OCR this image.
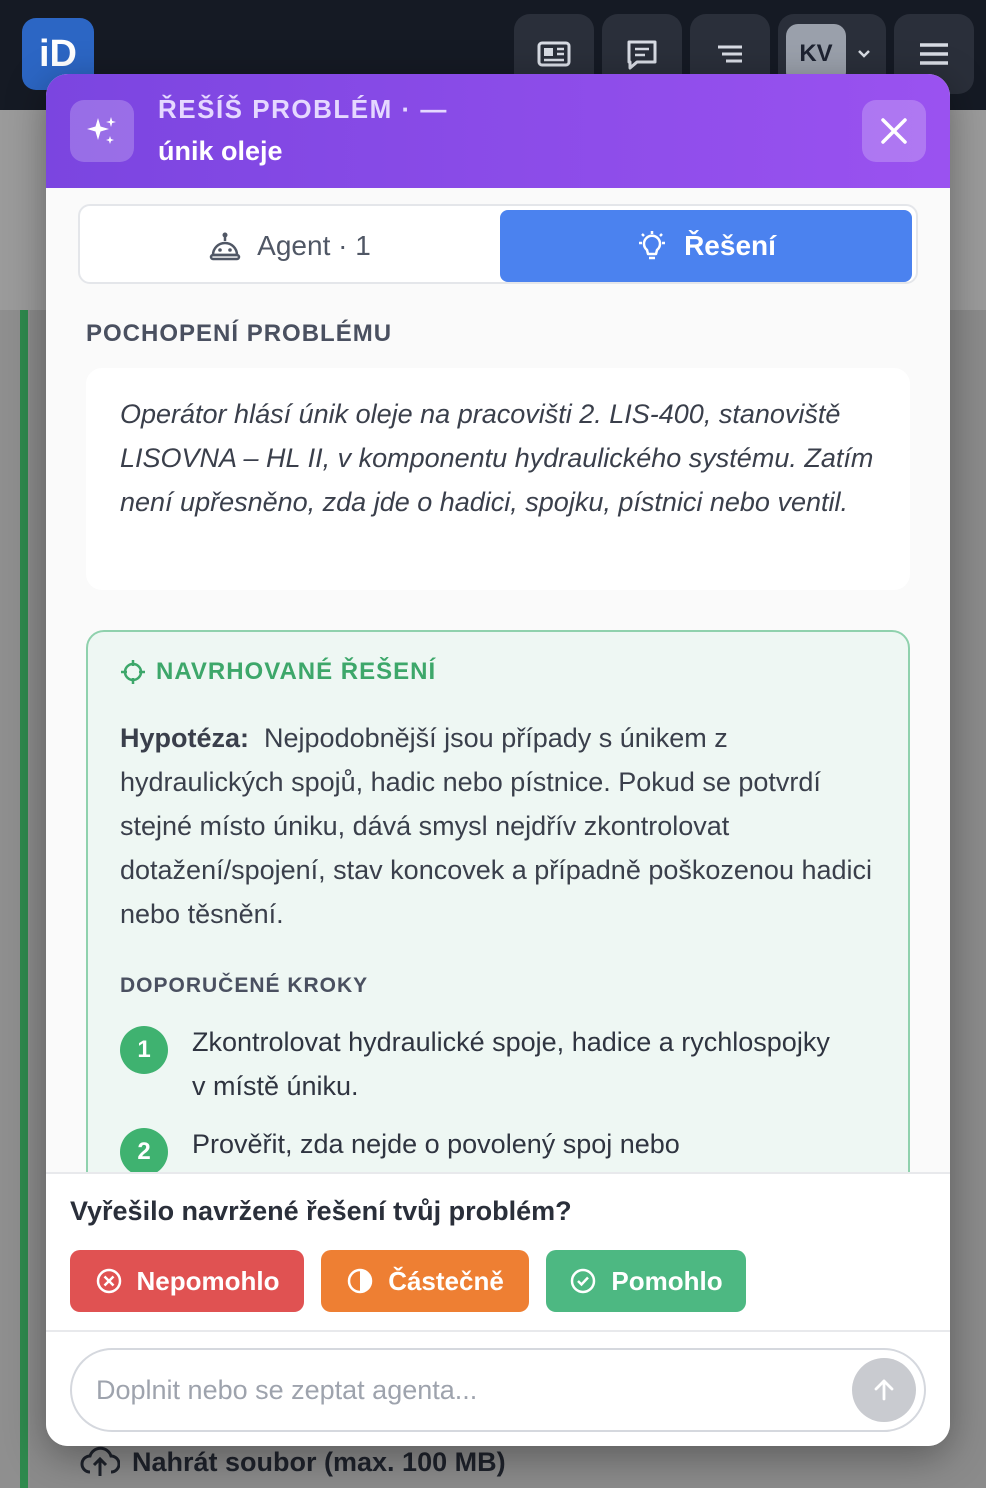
iD	KV
Nahrát soubor (max. 100 MB)
ŘEŠÍŠ PROBLÉM · —
únik oleje
Agent · 1	Řešení
POCHOPENÍ PROBLÉMU
Operátor hlásí únik oleje na pracovišti 2. LIS-400, stanoviště LISOVNA – HL II, v komponentu hydraulického systému. Zatím není upřesněno, zda jde o hadici, spojku, pístnici nebo ventil.
NAVRHOVANÉ ŘEŠENÍ
Hypotéza: Nejpodobnější jsou případy s únikem z hydraulických spojů, hadic nebo pístnice. Pokud se potvrdí stejné místo úniku, dává smysl nejdřív zkontrolovat dotažení/spojení, stav koncovek a případně poškozenou hadici nebo těsnění.
DOPORUČENÉ KROKY
1	Zkontrolovat hydraulické spoje, hadice a rychlospojky v místě úniku.
2	Prověřit, zda nejde o povolený spoj nebo
Vyřešilo navržené řešení tvůj problém?
Nepomohlo	Částečně	Pomohlo
Doplnit nebo se zeptat agenta...
